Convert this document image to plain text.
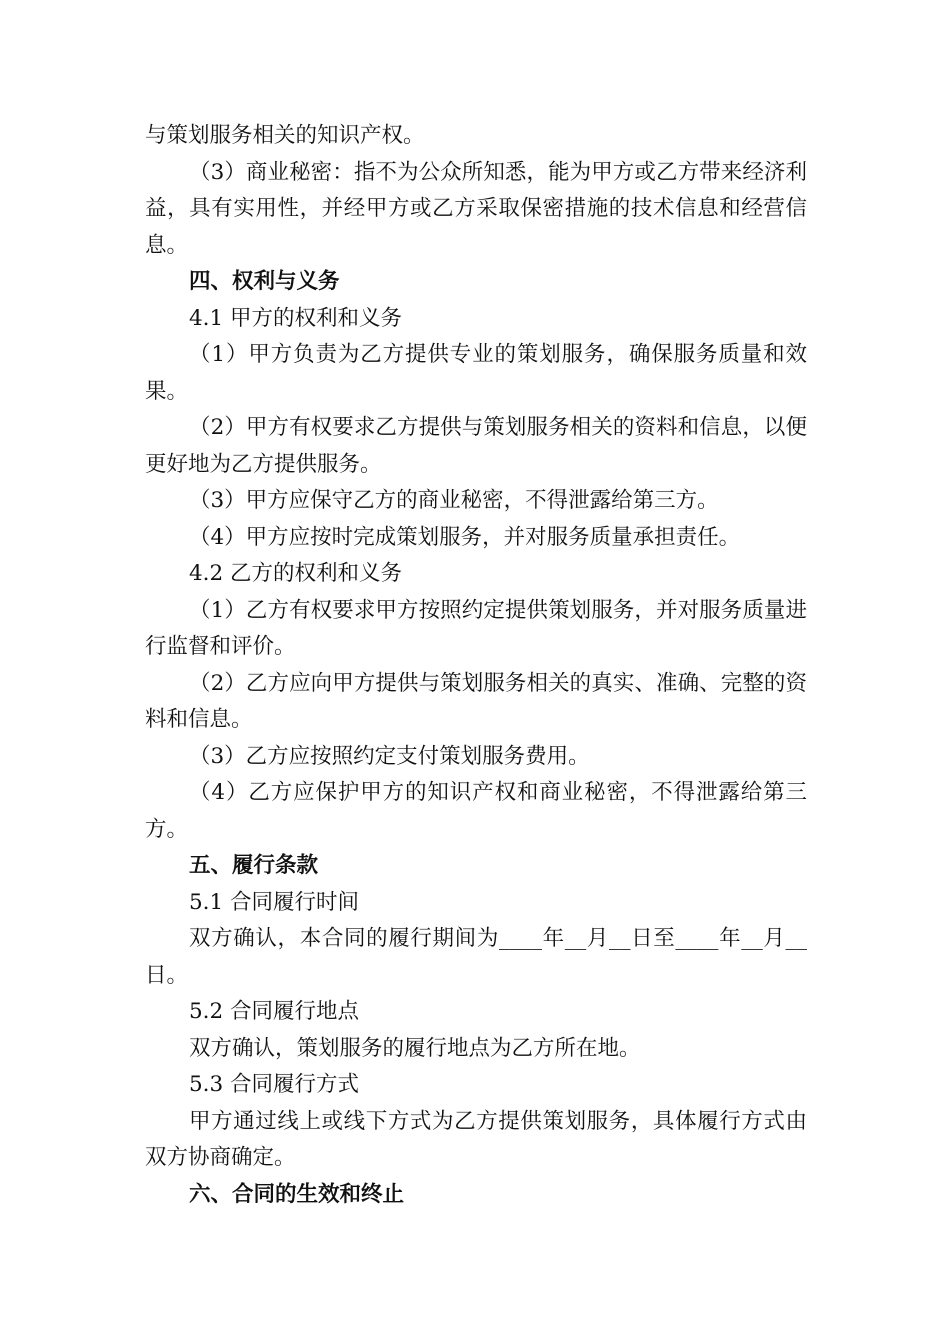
与策划服务相关的知识产权。

（3）商业秘密：指不为公众所知悉，能为甲方或乙方带来经济利益，具有实用性，并经甲方或乙方采取保密措施的技术信息和经营信息。

四、权利与义务

4.1 甲方的权利和义务

（1）甲方负责为乙方提供专业的策划服务，确保服务质量和效果。

（2）甲方有权要求乙方提供与策划服务相关的资料和信息，以便更好地为乙方提供服务。

（3）甲方应保守乙方的商业秘密，不得泄露给第三方。

（4）甲方应按时完成策划服务，并对服务质量承担责任。

4.2 乙方的权利和义务

（1）乙方有权要求甲方按照约定提供策划服务，并对服务质量进行监督和评价。

（2）乙方应向甲方提供与策划服务相关的真实、准确、完整的资料和信息。

（3）乙方应按照约定支付策划服务费用。

（4）乙方应保护甲方的知识产权和商业秘密，不得泄露给第三方。

五、履行条款

5.1 合同履行时间

双方确认，本合同的履行期间为____年__月__日至____年__月__日。

5.2 合同履行地点

双方确认，策划服务的履行地点为乙方所在地。

5.3 合同履行方式

甲方通过线上或线下方式为乙方提供策划服务，具体履行方式由双方协商确定。

六、合同的生效和终止
